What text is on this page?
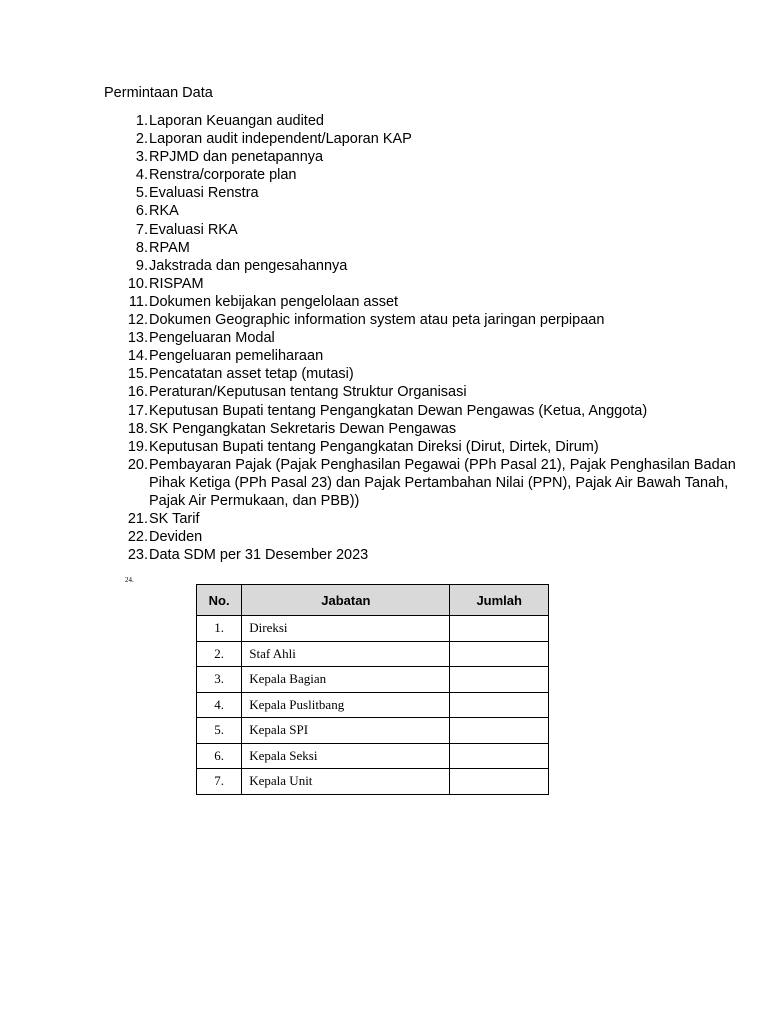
Permintaan Data
1. Laporan Keuangan audited
2. Laporan audit independent/Laporan KAP
3. RPJMD dan penetapannya
4. Renstra/corporate plan
5. Evaluasi Renstra
6. RKA
7. Evaluasi RKA
8. RPAM
9. Jakstrada dan pengesahannya
10. RISPAM
11. Dokumen kebijakan pengelolaan asset
12. Dokumen Geographic information system atau peta jaringan perpipaan
13. Pengeluaran Modal
14. Pengeluaran pemeliharaan
15. Pencatatan asset tetap (mutasi)
16. Peraturan/Keputusan tentang Struktur Organisasi
17. Keputusan Bupati tentang Pengangkatan Dewan Pengawas (Ketua, Anggota)
18. SK Pengangkatan Sekretaris Dewan Pengawas
19. Keputusan Bupati tentang Pengangkatan Direksi (Dirut, Dirtek, Dirum)
20. Pembayaran Pajak (Pajak Penghasilan Pegawai (PPh Pasal 21), Pajak Penghasilan Badan Pihak Ketiga (PPh Pasal 23) dan Pajak Pertambahan Nilai (PPN), Pajak Air Bawah Tanah, Pajak Air Permukaan, dan PBB))
21. SK Tarif
22. Deviden
23. Data SDM per 31 Desember 2023
24.
No.	Jabatan	Jumlah
1.	Direksi	
2.	Staf Ahli	
3.	Kepala Bagian	
4.	Kepala Puslitbang	
5.	Kepala SPI	
6.	Kepala Seksi	
7.	Kepala Unit	
